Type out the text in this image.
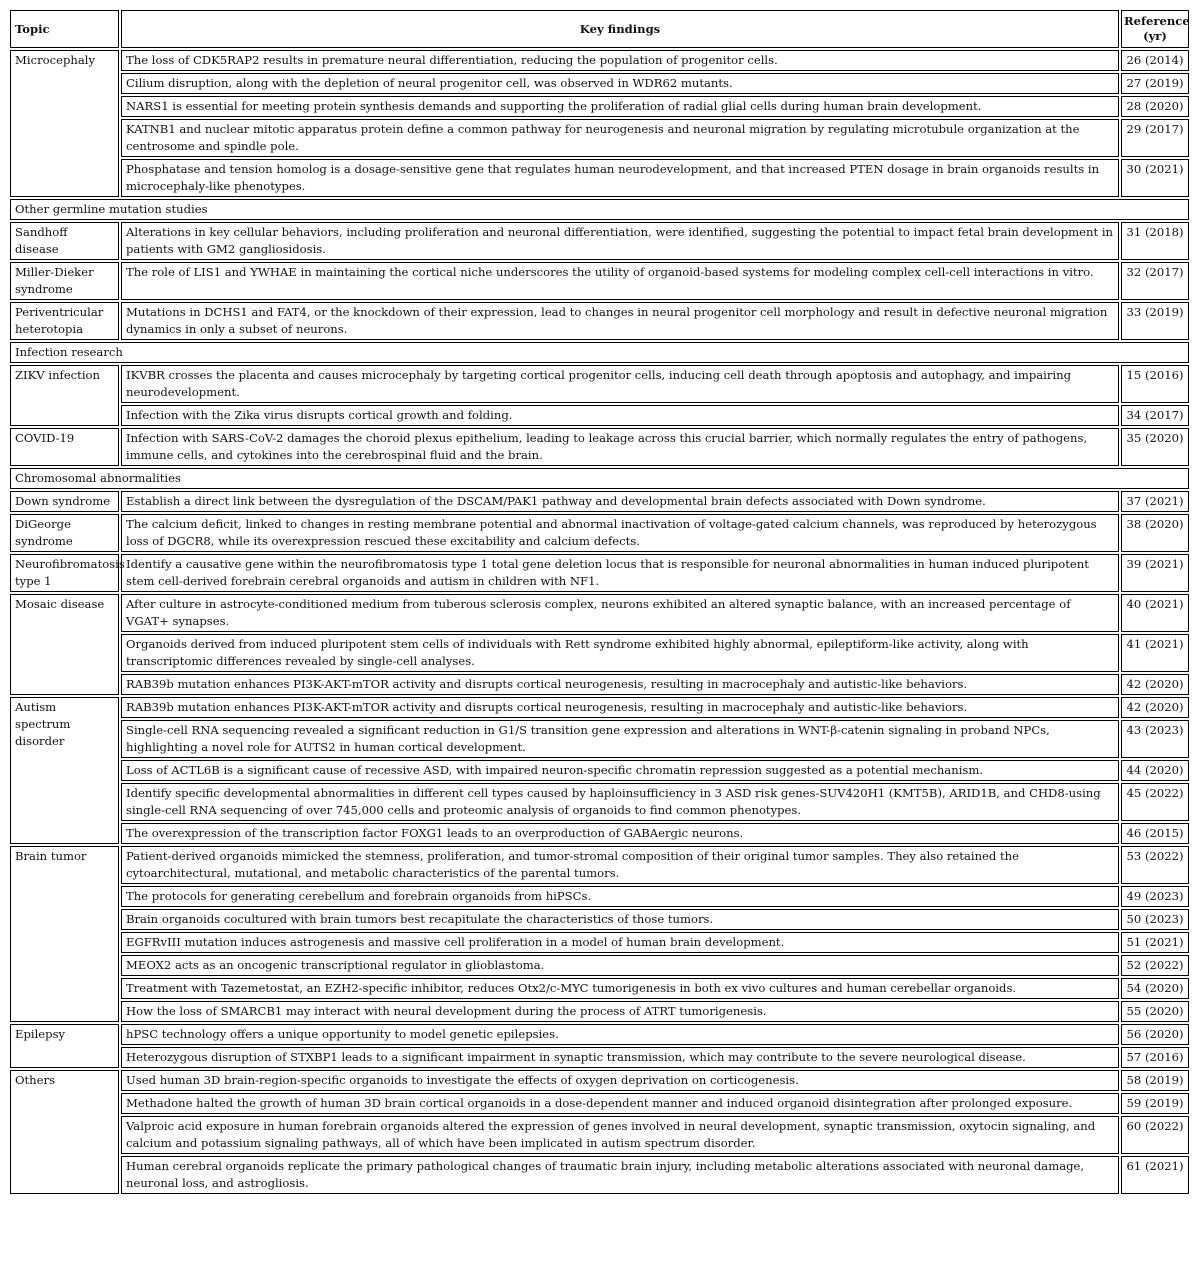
Topic	Key findings	Reference
(yr)
Microcephaly	The loss of CDK5RAP2 results in premature neural differentiation, reducing the population of progenitor cells.	26 (2014)
	Cilium disruption, along with the depletion of neural progenitor cell, was observed in WDR62 mutants.	27 (2019)
	NARS1 is essential for meeting protein synthesis demands and supporting the proliferation of radial glial cells during human brain development.	28 (2020)
	KATNB1 and nuclear mitotic apparatus protein define a common pathway for neurogenesis and neuronal migration by regulating microtubule organization at the centrosome and spindle pole.	29 (2017)
	Phosphatase and tension homolog is a dosage-sensitive gene that regulates human neurodevelopment, and that increased PTEN dosage in brain organoids results in microcephaly-like phenotypes.	30 (2021)
Other germline mutation studies		
Sandhoff disease	Alterations in key cellular behaviors, including proliferation and neuronal differentiation, were identified, suggesting the potential to impact fetal brain development in patients with GM2 gangliosidosis.	31 (2018)
Miller-Dieker syndrome	The role of LIS1 and YWHAE in maintaining the cortical niche underscores the utility of organoid-based systems for modeling complex cell-cell interactions in vitro.	32 (2017)
Periventricular heterotopia	Mutations in DCHS1 and FAT4, or the knockdown of their expression, lead to changes in neural progenitor cell morphology and result in defective neuronal migration dynamics in only a subset of neurons.	33 (2019)
Infection research		
ZIKV infection	IKVBR crosses the placenta and causes microcephaly by targeting cortical progenitor cells, inducing cell death through apoptosis and autophagy, and impairing neurodevelopment.	15 (2016)
	Infection with the Zika virus disrupts cortical growth and folding.	34 (2017)
COVID-19	Infection with SARS-CoV-2 damages the choroid plexus epithelium, leading to leakage across this crucial barrier, which normally regulates the entry of pathogens, immune cells, and cytokines into the cerebrospinal fluid and the brain.	35 (2020)
Chromosomal abnormalities		
Down syndrome	Establish a direct link between the dysregulation of the DSCAM/PAK1 pathway and developmental brain defects associated with Down syndrome.	37 (2021)
DiGeorge syndrome	The calcium deficit, linked to changes in resting membrane potential and abnormal inactivation of voltage-gated calcium channels, was reproduced by heterozygous loss of DGCR8, while its overexpression rescued these excitability and calcium defects.	38 (2020)
Neurofibromatosis type 1	Identify a causative gene within the neurofibromatosis type 1 total gene deletion locus that is responsible for neuronal abnormalities in human induced pluripotent stem cell-derived forebrain cerebral organoids and autism in children with NF1.	39 (2021)
Mosaic disease	After culture in astrocyte-conditioned medium from tuberous sclerosis complex, neurons exhibited an altered synaptic balance, with an increased percentage of VGAT+ synapses.	40 (2021)
	Organoids derived from induced pluripotent stem cells of individuals with Rett syndrome exhibited highly abnormal, epileptiform-like activity, along with transcriptomic differences revealed by single-cell analyses.	41 (2021)
	RAB39b mutation enhances PI3K-AKT-mTOR activity and disrupts cortical neurogenesis, resulting in macrocephaly and autistic-like behaviors.	42 (2020)
Autism spectrum disorder	RAB39b mutation enhances PI3K-AKT-mTOR activity and disrupts cortical neurogenesis, resulting in macrocephaly and autistic-like behaviors.	42 (2020)
	Single-cell RNA sequencing revealed a significant reduction in G1/S transition gene expression and alterations in WNT-β-catenin signaling in proband NPCs, highlighting a novel role for AUTS2 in human cortical development.	43 (2023)
	Loss of ACTL6B is a significant cause of recessive ASD, with impaired neuron-specific chromatin repression suggested as a potential mechanism.	44 (2020)
	Identify specific developmental abnormalities in different cell types caused by haploinsufficiency in 3 ASD risk genes-SUV420H1 (KMT5B), ARID1B, and CHD8-using single-cell RNA sequencing of over 745,000 cells and proteomic analysis of organoids to find common phenotypes.	45 (2022)
	The overexpression of the transcription factor FOXG1 leads to an overproduction of GABAergic neurons.	46 (2015)
Brain tumor	Patient-derived organoids mimicked the stemness, proliferation, and tumor-stromal composition of their original tumor samples. They also retained the cytoarchitectural, mutational, and metabolic characteristics of the parental tumors.	53 (2022)
	The protocols for generating cerebellum and forebrain organoids from hiPSCs.	49 (2023)
	Brain organoids cocultured with brain tumors best recapitulate the characteristics of those tumors.	50 (2023)
	EGFRvIII mutation induces astrogenesis and massive cell proliferation in a model of human brain development.	51 (2021)
	MEOX2 acts as an oncogenic transcriptional regulator in glioblastoma.	52 (2022)
	Treatment with Tazemetostat, an EZH2-specific inhibitor, reduces Otx2/c-MYC tumorigenesis in both ex vivo cultures and human cerebellar organoids.	54 (2020)
	How the loss of SMARCB1 may interact with neural development during the process of ATRT tumorigenesis.	55 (2020)
Epilepsy	hPSC technology offers a unique opportunity to model genetic epilepsies.	56 (2020)
	Heterozygous disruption of STXBP1 leads to a significant impairment in synaptic transmission, which may contribute to the severe neurological disease.	57 (2016)
Others	Used human 3D brain-region-specific organoids to investigate the effects of oxygen deprivation on corticogenesis.	58 (2019)
	Methadone halted the growth of human 3D brain cortical organoids in a dose-dependent manner and induced organoid disintegration after prolonged exposure.	59 (2019)
	Valproic acid exposure in human forebrain organoids altered the expression of genes involved in neural development, synaptic transmission, oxytocin signaling, and calcium and potassium signaling pathways, all of which have been implicated in autism spectrum disorder.	60 (2022)
	Human cerebral organoids replicate the primary pathological changes of traumatic brain injury, including metabolic alterations associated with neuronal damage, neuronal loss, and astrogliosis.	61 (2021)
